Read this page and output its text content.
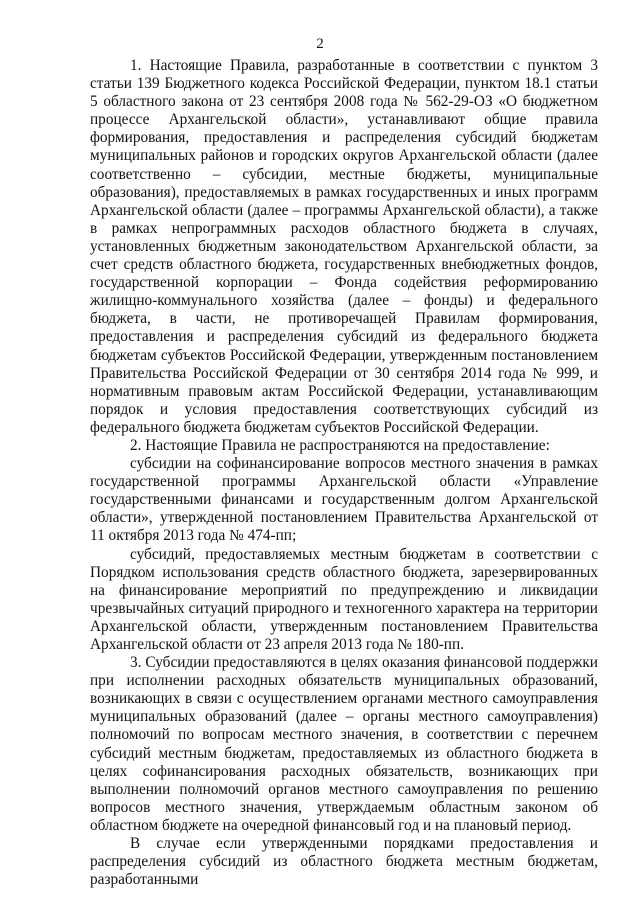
2

1. Настоящие Правила, разработанные в соответствии с пунктом 3 статьи 139 Бюджетного кодекса Российской Федерации, пунктом 18.1 статьи 5 областного закона от 23 сентября 2008 года № 562-29-ОЗ «О бюджетном процессе Архангельской области», устанавливают общие правила формирования, предоставления и распределения субсидий бюджетам муниципальных районов и городских округов Архангельской области (далее соответственно – субсидии, местные бюджеты, муниципальные образования), предоставляемых в рамках государственных и иных программ Архангельской области (далее – программы Архангельской области), а также в рамках непрограммных расходов областного бюджета в случаях, установленных бюджетным законодательством Архангельской области, за счет средств областного бюджета, государственных внебюджетных фондов, государственной корпорации – Фонда содействия реформированию жилищно-коммунального хозяйства (далее – фонды) и федерального бюджета, в части, не противоречащей Правилам формирования, предоставления и распределения субсидий из федерального бюджета бюджетам субъектов Российской Федерации, утвержденным постановлением Правительства Российской Федерации от 30 сентября 2014 года № 999, и нормативным правовым актам Российской Федерации, устанавливающим порядок и условия предоставления соответствующих субсидий из федерального бюджета бюджетам субъектов Российской Федерации.

2. Настоящие Правила не распространяются на предоставление:

субсидии на софинансирование вопросов местного значения в рамках государственной программы Архангельской области «Управление государственными финансами и государственным долгом Архангельской области», утвержденной постановлением Правительства Архангельской от 11 октября 2013 года № 474-пп;

субсидий, предоставляемых местным бюджетам в соответствии с Порядком использования средств областного бюджета, зарезервированных на финансирование мероприятий по предупреждению и ликвидации чрезвычайных ситуаций природного и техногенного характера на территории Архангельской области, утвержденным постановлением Правительства Архангельской области от 23 апреля 2013 года № 180-пп.

3. Субсидии предоставляются в целях оказания финансовой поддержки при исполнении расходных обязательств муниципальных образований, возникающих в связи с осуществлением органами местного самоуправления муниципальных образований (далее – органы местного самоуправления) полномочий по вопросам местного значения, в соответствии с перечнем субсидий местным бюджетам, предоставляемых из областного бюджета в целях софинансирования расходных обязательств, возникающих при выполнении полномочий органов местного самоуправления по решению вопросов местного значения, утверждаемым областным законом об областном бюджете на очередной финансовый год и на плановый период.

В случае если утвержденными порядками предоставления и распределения субсидий из областного бюджета местным бюджетам, разработанными
